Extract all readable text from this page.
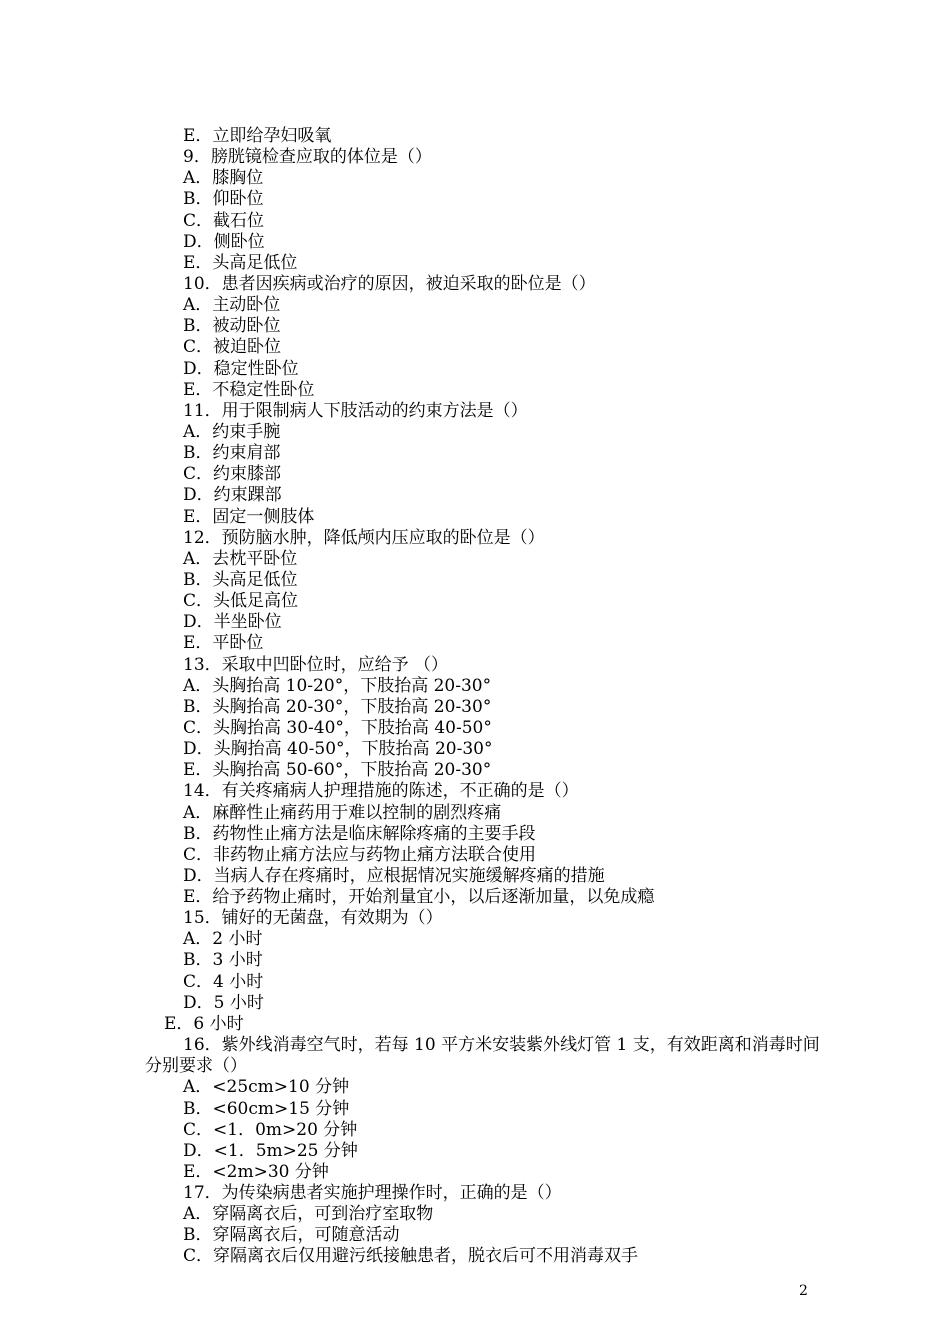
E．立即给孕妇吸氧
9．膀胱镜检查应取的体位是（）
A．膝胸位
B．仰卧位
C．截石位
D．侧卧位
E．头高足低位
10．患者因疾病或治疗的原因，被迫采取的卧位是（）
A．主动卧位
B．被动卧位
C．被迫卧位
D．稳定性卧位
E．不稳定性卧位
11．用于限制病人下肢活动的约束方法是（）
A．约束手腕
B．约束肩部
C．约束膝部
D．约束踝部
E．固定一侧肢体
12．预防脑水肿，降低颅内压应取的卧位是（）
A．去枕平卧位
B．头高足低位
C．头低足高位
D．半坐卧位
E．平卧位
13．采取中凹卧位时，应给予 （）
A．头胸抬高 10-20°，下肢抬高 20-30°
B．头胸抬高 20-30°，下肢抬高 20-30°
C．头胸抬高 30-40°，下肢抬高 40-50°
D．头胸抬高 40-50°，下肢抬高 20-30°
E．头胸抬高 50-60°，下肢抬高 20-30°
14．有关疼痛病人护理措施的陈述，不正确的是（）
A．麻醉性止痛药用于难以控制的剧烈疼痛
B．药物性止痛方法是临床解除疼痛的主要手段
C．非药物止痛方法应与药物止痛方法联合使用
D．当病人存在疼痛时，应根据情况实施缓解疼痛的措施
E．给予药物止痛时，开始剂量宜小，以后逐渐加量，以免成瘾
15．铺好的无菌盘，有效期为（）
A．2 小时
B．3 小时
C．4 小时
D．5 小时
E．6 小时
16．紫外线消毒空气时，若每 10 平方米安装紫外线灯管 1 支，有效距离和消毒时间分别要求（）
A．<25cm>10 分钟
B．<60cm>15 分钟
C．<1．0m>20 分钟
D．<1．5m>25 分钟
E．<2m>30 分钟
17．为传染病患者实施护理操作时，正确的是（）
A．穿隔离衣后，可到治疗室取物
B．穿隔离衣后，可随意活动
C．穿隔离衣后仅用避污纸接触患者，脱衣后可不用消毒双手
2
